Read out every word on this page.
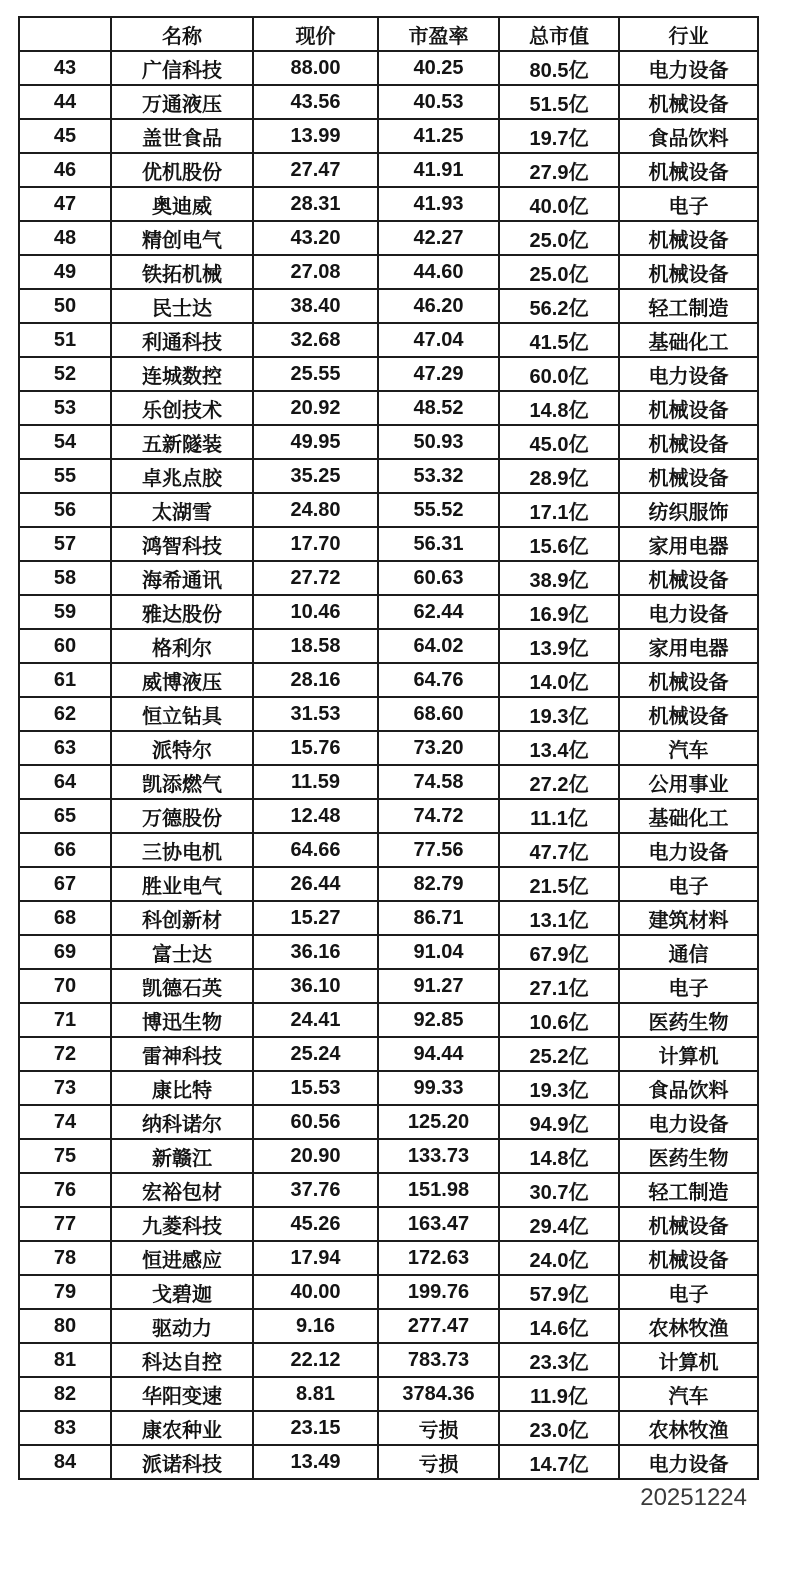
	名称	现价	市盈率	总市值	行业
43	广信科技	88.00	40.25	80.5亿	电力设备
44	万通液压	43.56	40.53	51.5亿	机械设备
45	盖世食品	13.99	41.25	19.7亿	食品饮料
46	优机股份	27.47	41.91	27.9亿	机械设备
47	奥迪威	28.31	41.93	40.0亿	电子
48	精创电气	43.20	42.27	25.0亿	机械设备
49	铁拓机械	27.08	44.60	25.0亿	机械设备
50	民士达	38.40	46.20	56.2亿	轻工制造
51	利通科技	32.68	47.04	41.5亿	基础化工
52	连城数控	25.55	47.29	60.0亿	电力设备
53	乐创技术	20.92	48.52	14.8亿	机械设备
54	五新隧装	49.95	50.93	45.0亿	机械设备
55	卓兆点胶	35.25	53.32	28.9亿	机械设备
56	太湖雪	24.80	55.52	17.1亿	纺织服饰
57	鸿智科技	17.70	56.31	15.6亿	家用电器
58	海希通讯	27.72	60.63	38.9亿	机械设备
59	雅达股份	10.46	62.44	16.9亿	电力设备
60	格利尔	18.58	64.02	13.9亿	家用电器
61	威博液压	28.16	64.76	14.0亿	机械设备
62	恒立钻具	31.53	68.60	19.3亿	机械设备
63	派特尔	15.76	73.20	13.4亿	汽车
64	凯添燃气	11.59	74.58	27.2亿	公用事业
65	万德股份	12.48	74.72	11.1亿	基础化工
66	三协电机	64.66	77.56	47.7亿	电力设备
67	胜业电气	26.44	82.79	21.5亿	电子
68	科创新材	15.27	86.71	13.1亿	建筑材料
69	富士达	36.16	91.04	67.9亿	通信
70	凯德石英	36.10	91.27	27.1亿	电子
71	博迅生物	24.41	92.85	10.6亿	医药生物
72	雷神科技	25.24	94.44	25.2亿	计算机
73	康比特	15.53	99.33	19.3亿	食品饮料
74	纳科诺尔	60.56	125.20	94.9亿	电力设备
75	新赣江	20.90	133.73	14.8亿	医药生物
76	宏裕包材	37.76	151.98	30.7亿	轻工制造
77	九菱科技	45.26	163.47	29.4亿	机械设备
78	恒进感应	17.94	172.63	24.0亿	机械设备
79	戈碧迦	40.00	199.76	57.9亿	电子
80	驱动力	9.16	277.47	14.6亿	农林牧渔
81	科达自控	22.12	783.73	23.3亿	计算机
82	华阳变速	8.81	3784.36	11.9亿	汽车
83	康农种业	23.15	亏损	23.0亿	农林牧渔
84	派诺科技	13.49	亏损	14.7亿	电力设备
20251224
